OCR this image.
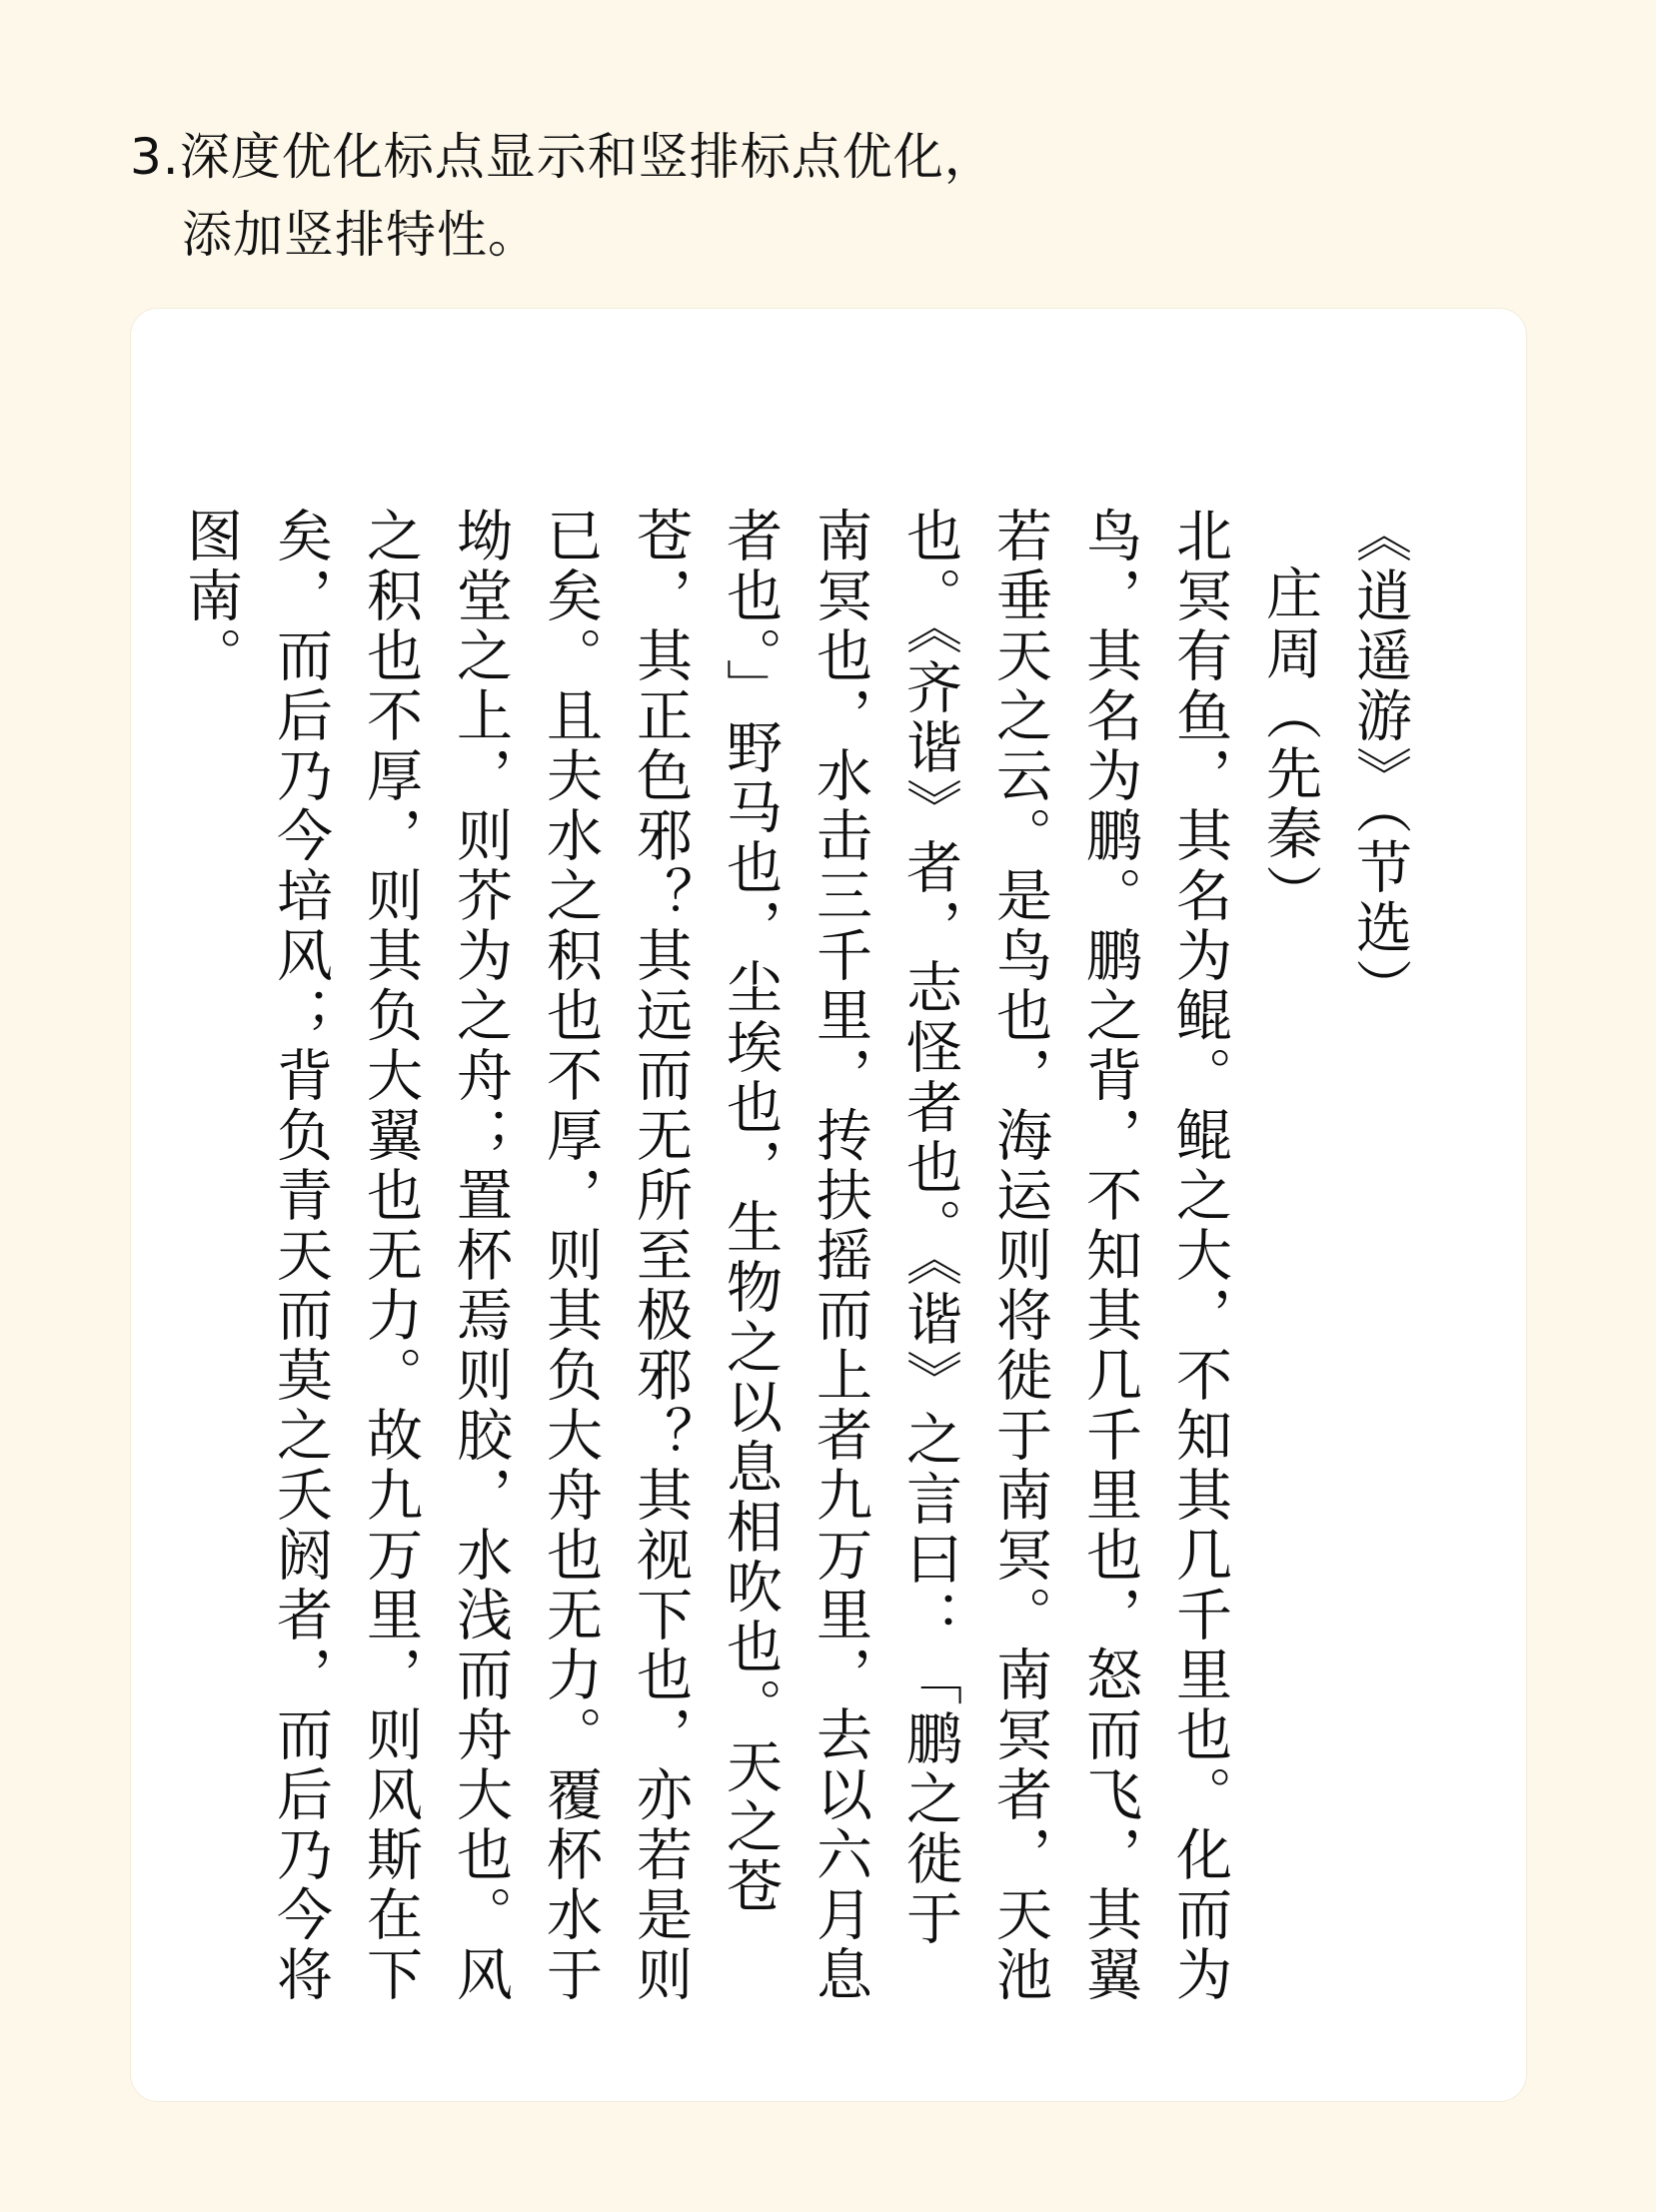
3.深度优化标点显示和竖排标点优化，
添加竖排特性。
《逍遥游》（节选）
庄周（先秦）
北冥有鱼，其名为鲲。鲲之大，不知其几千里也。化而为鸟，其名为鹏。鹏之背，不知其几千里也，怒而飞，其翼若垂天之云。是鸟也，海运则将徙于南冥。南冥者，天池也。《齐谐》者，志怪者也。《谐》之言曰：「鹏之徙于南冥也，水击三千里，抟扶摇而上者九万里，去以六月息者也。」野马也，尘埃也，生物之以息相吹也。天之苍苍，其正色邪？其远而无所至极邪？其视下也，亦若是则已矣。且夫水之积也不厚，则其负大舟也无力。覆杯水于坳堂之上，则芥为之舟；置杯焉则胶，水浅而舟大也。风之积也不厚，则其负大翼也无力。故九万里，则风斯在下矣，而后乃今培风；背负青天而莫之夭阏者，而后乃今将图南。
